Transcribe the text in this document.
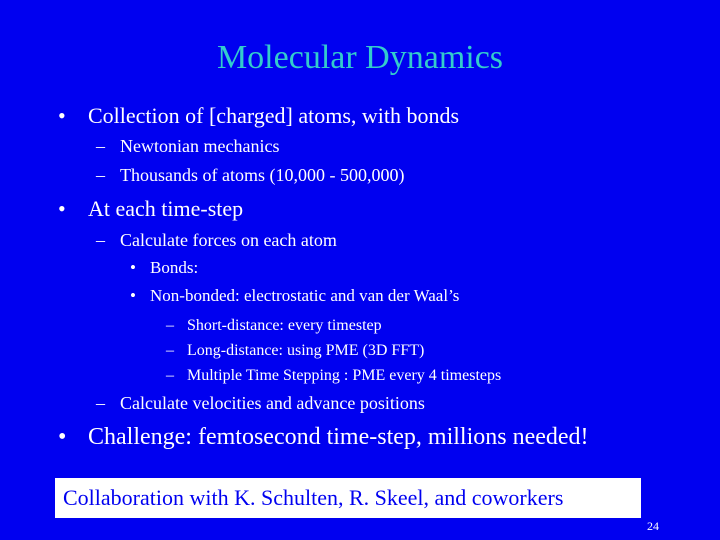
Molecular Dynamics
• Collection of [charged] atoms, with bonds
– Newtonian mechanics
– Thousands of atoms (10,000 - 500,000)
• At each time-step
– Calculate forces on each atom
• Bonds:
• Non-bonded: electrostatic and van der Waal’s
– Short-distance: every timestep
– Long-distance: using PME (3D FFT)
– Multiple Time Stepping : PME every 4 timesteps
– Calculate velocities and advance positions
• Challenge: femtosecond time-step, millions needed!
Collaboration with K. Schulten, R. Skeel, and coworkers
24
